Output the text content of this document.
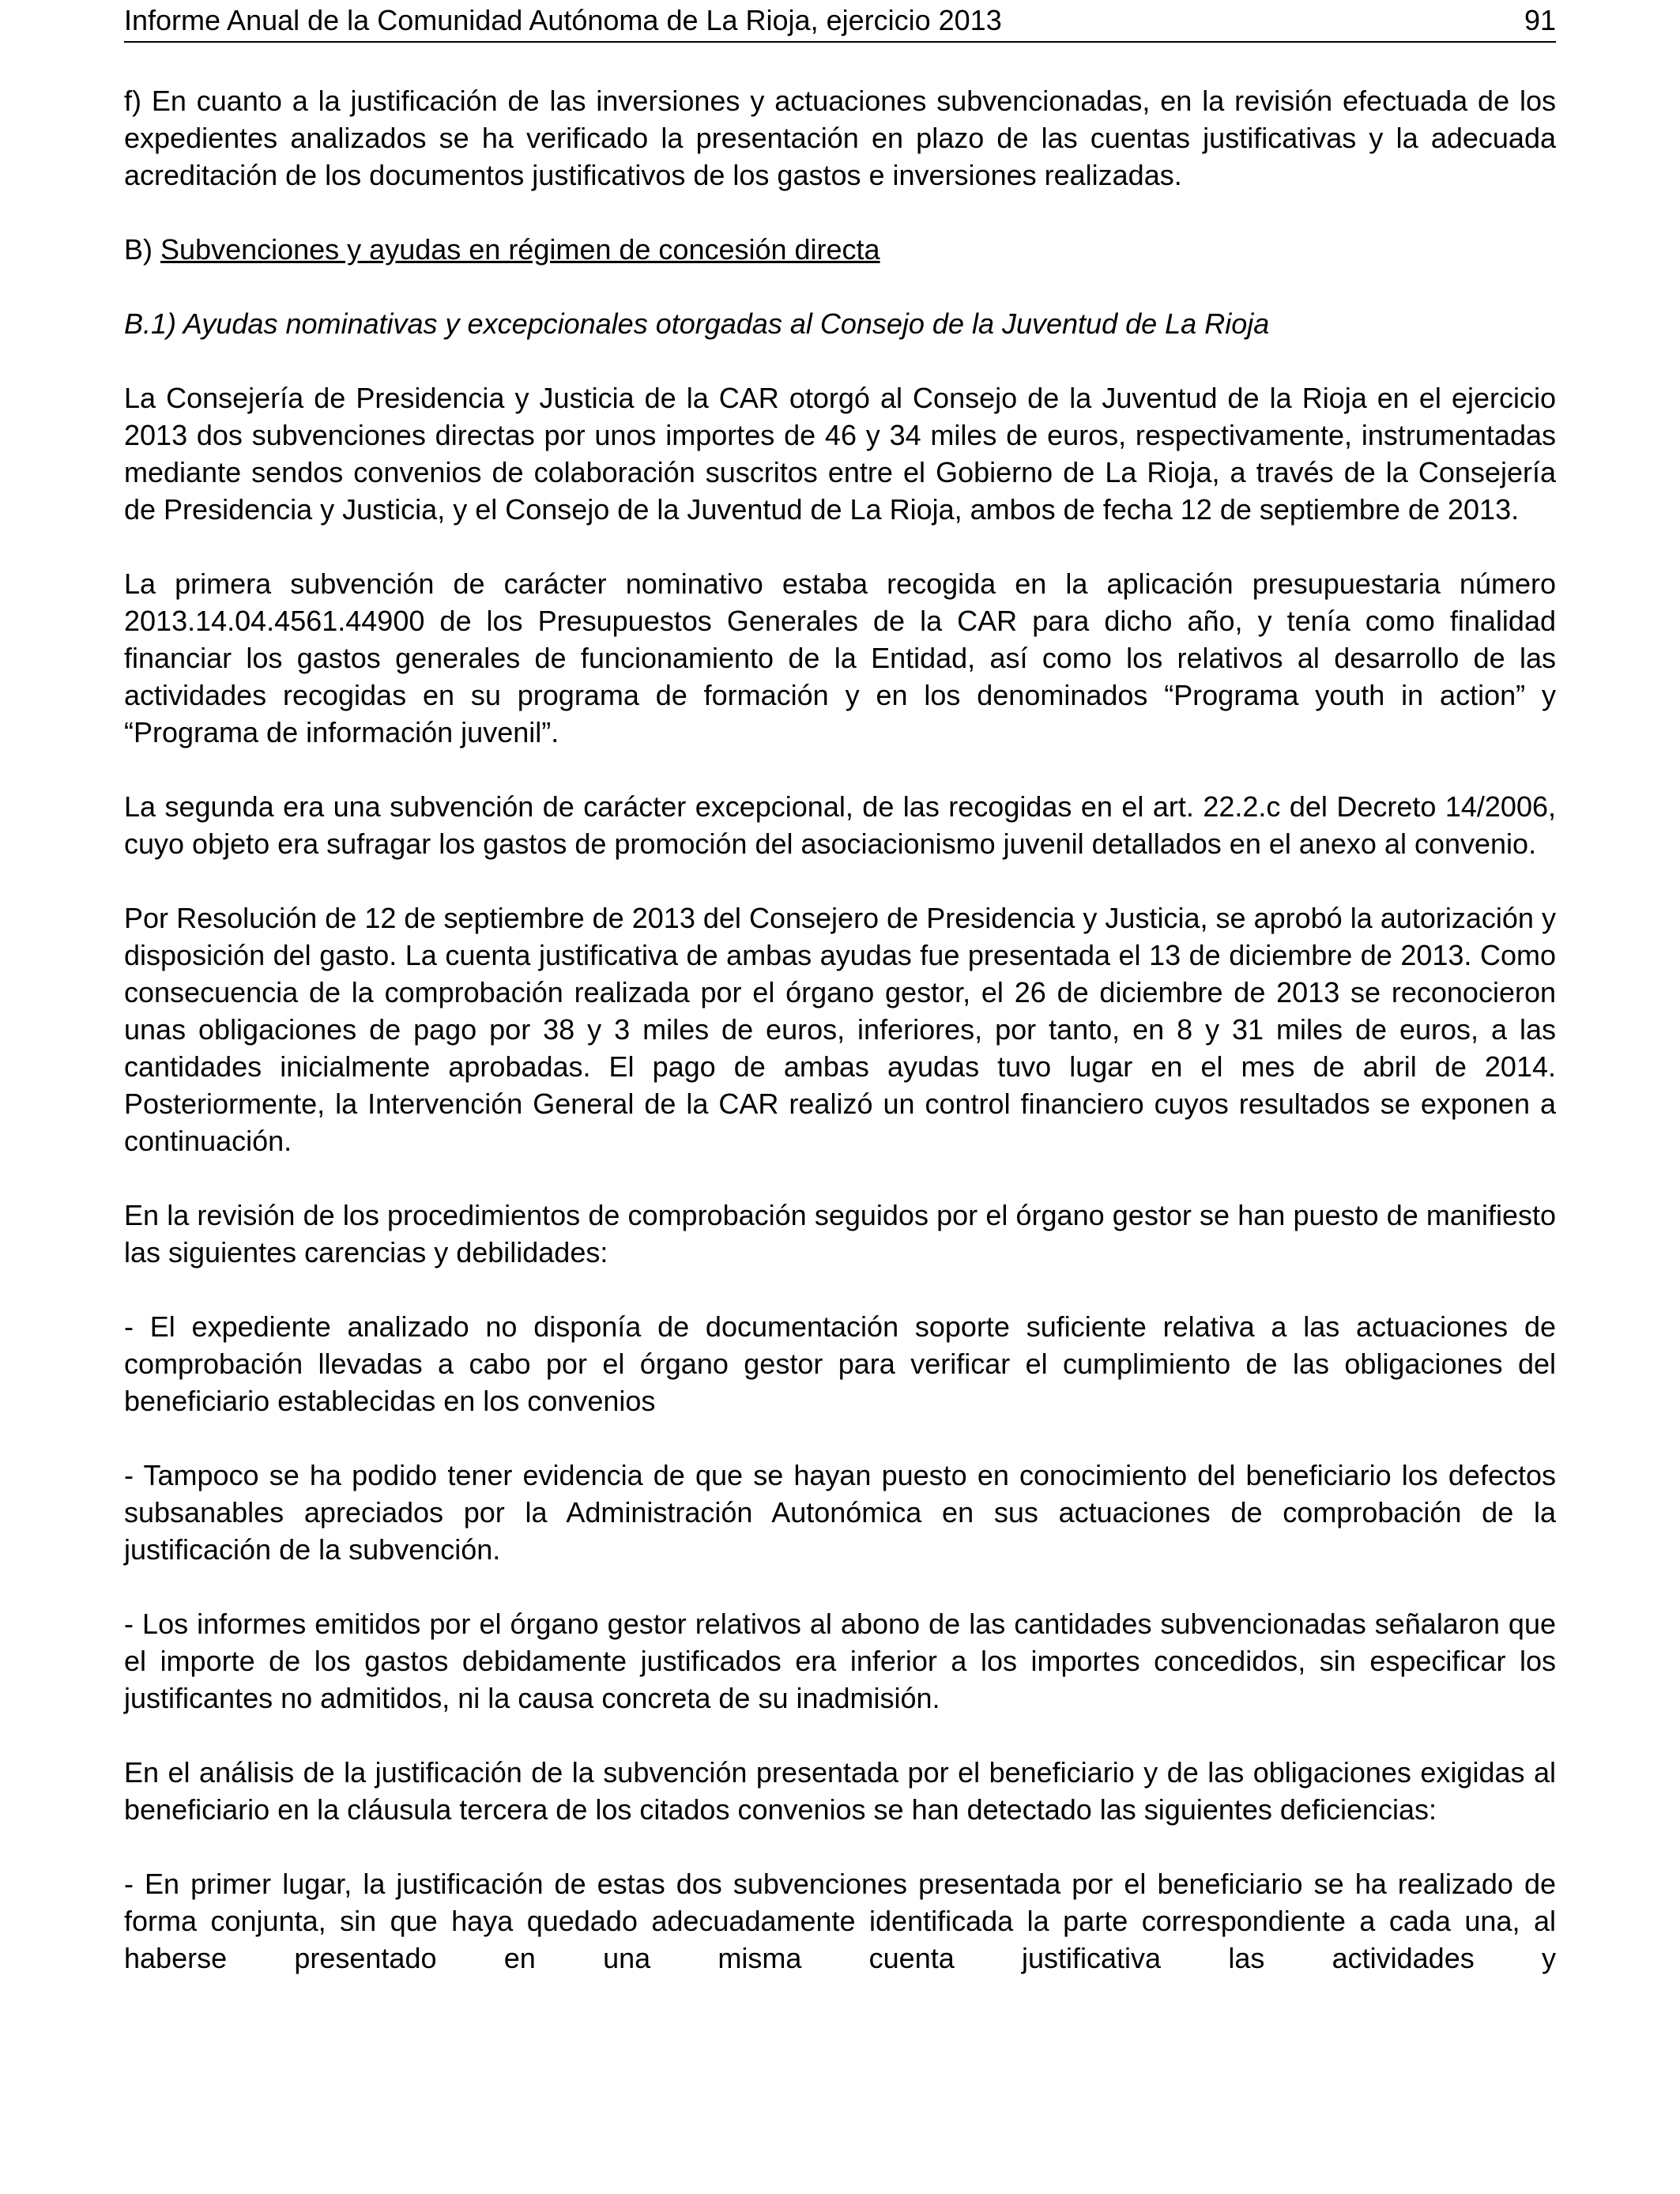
Informe Anual de la Comunidad Autónoma de La Rioja, ejercicio 2013	91

f) En cuanto a la justificación de las inversiones y actuaciones subvencionadas, en la revisión efectuada de los expedientes analizados se ha verificado la presentación en plazo de las cuentas justificativas y la adecuada acreditación de los documentos justificativos de los gastos e inversiones realizadas.

B) Subvenciones y ayudas en régimen de concesión directa

B.1) Ayudas nominativas y excepcionales otorgadas al Consejo de la Juventud de La Rioja

La Consejería de Presidencia y Justicia de la CAR otorgó al Consejo de la Juventud de la Rioja en el ejercicio 2013 dos subvenciones directas por unos importes de 46 y 34 miles de euros, respectivamente, instrumentadas mediante sendos convenios de colaboración suscritos entre el Gobierno de La Rioja, a través de la Consejería de Presidencia y Justicia, y el Consejo de la Juventud de La Rioja, ambos de fecha 12 de septiembre de 2013.

La primera subvención de carácter nominativo estaba recogida en la aplicación presupuestaria número 2013.14.04.4561.44900 de los Presupuestos Generales de la CAR para dicho año, y tenía como finalidad financiar los gastos generales de funcionamiento de la Entidad, así como los relativos al desarrollo de las actividades recogidas en su programa de formación y en los denominados “Programa youth in action” y “Programa de información juvenil”.

La segunda era una subvención de carácter excepcional, de las recogidas en el art. 22.2.c del Decreto 14/2006, cuyo objeto era sufragar los gastos de promoción del asociacionismo juvenil detallados en el anexo al convenio.

Por Resolución de 12 de septiembre de 2013 del Consejero de Presidencia y Justicia, se aprobó la autorización y disposición del gasto. La cuenta justificativa de ambas ayudas fue presentada el 13 de diciembre de 2013. Como consecuencia de la comprobación realizada por el órgano gestor, el 26 de diciembre de 2013 se reconocieron unas obligaciones de pago por 38 y 3 miles de euros, inferiores, por tanto, en 8 y 31 miles de euros, a las cantidades inicialmente aprobadas. El pago de ambas ayudas tuvo lugar en el mes de abril de 2014. Posteriormente, la Intervención General de la CAR realizó un control financiero cuyos resultados se exponen a continuación.

En la revisión de los procedimientos de comprobación seguidos por el órgano gestor se han puesto de manifiesto las siguientes carencias y debilidades:

- El expediente analizado no disponía de documentación soporte suficiente relativa a las actuaciones de comprobación llevadas a cabo por el órgano gestor para verificar el cumplimiento de las obligaciones del beneficiario establecidas en los convenios

- Tampoco se ha podido tener evidencia de que se hayan puesto en conocimiento del beneficiario los defectos subsanables apreciados por la Administración Autonómica en sus actuaciones de comprobación de la justificación de la subvención.

- Los informes emitidos por el órgano gestor relativos al abono de las cantidades subvencionadas señalaron que el importe de los gastos debidamente justificados era inferior a los importes concedidos, sin especificar los justificantes no admitidos, ni la causa concreta de su inadmisión.

En el análisis de la justificación de la subvención presentada por el beneficiario y de las obligaciones exigidas al beneficiario en la cláusula tercera de los citados convenios se han detectado las siguientes deficiencias:

- En primer lugar, la justificación de estas dos subvenciones presentada por el beneficiario se ha realizado de forma conjunta, sin que haya quedado adecuadamente identificada la parte correspondiente a cada una, al haberse presentado en una misma cuenta justificativa las actividades y
